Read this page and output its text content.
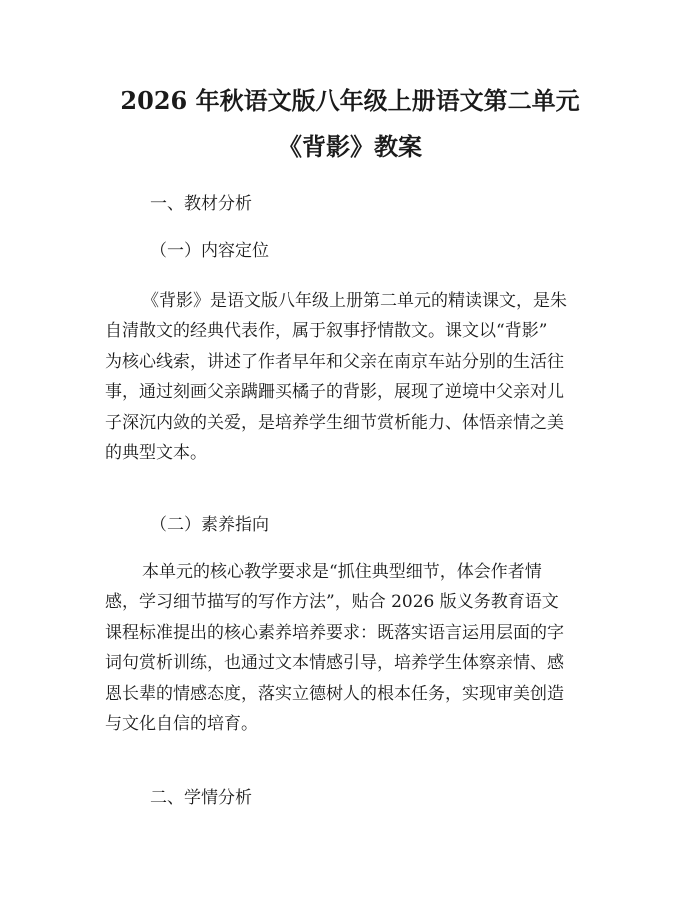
2026 年秋语文版八年级上册语文第二单元
《背影》教案
一、教材分析
（一）内容定位
《背影》是语文版八年级上册第二单元的精读课文，是朱
自清散文的经典代表作，属于叙事抒情散文。课文以“背影”
为核心线索，讲述了作者早年和父亲在南京车站分别的生活往
事，通过刻画父亲蹒跚买橘子的背影，展现了逆境中父亲对儿
子深沉内敛的关爱，是培养学生细节赏析能力、体悟亲情之美
的典型文本。
（二）素养指向
本单元的核心教学要求是“抓住典型细节，体会作者情
感，学习细节描写的写作方法”，贴合 2026 版义务教育语文
课程标准提出的核心素养培养要求：既落实语言运用层面的字
词句赏析训练，也通过文本情感引导，培养学生体察亲情、感
恩长辈的情感态度，落实立德树人的根本任务，实现审美创造
与文化自信的培育。
二、学情分析
